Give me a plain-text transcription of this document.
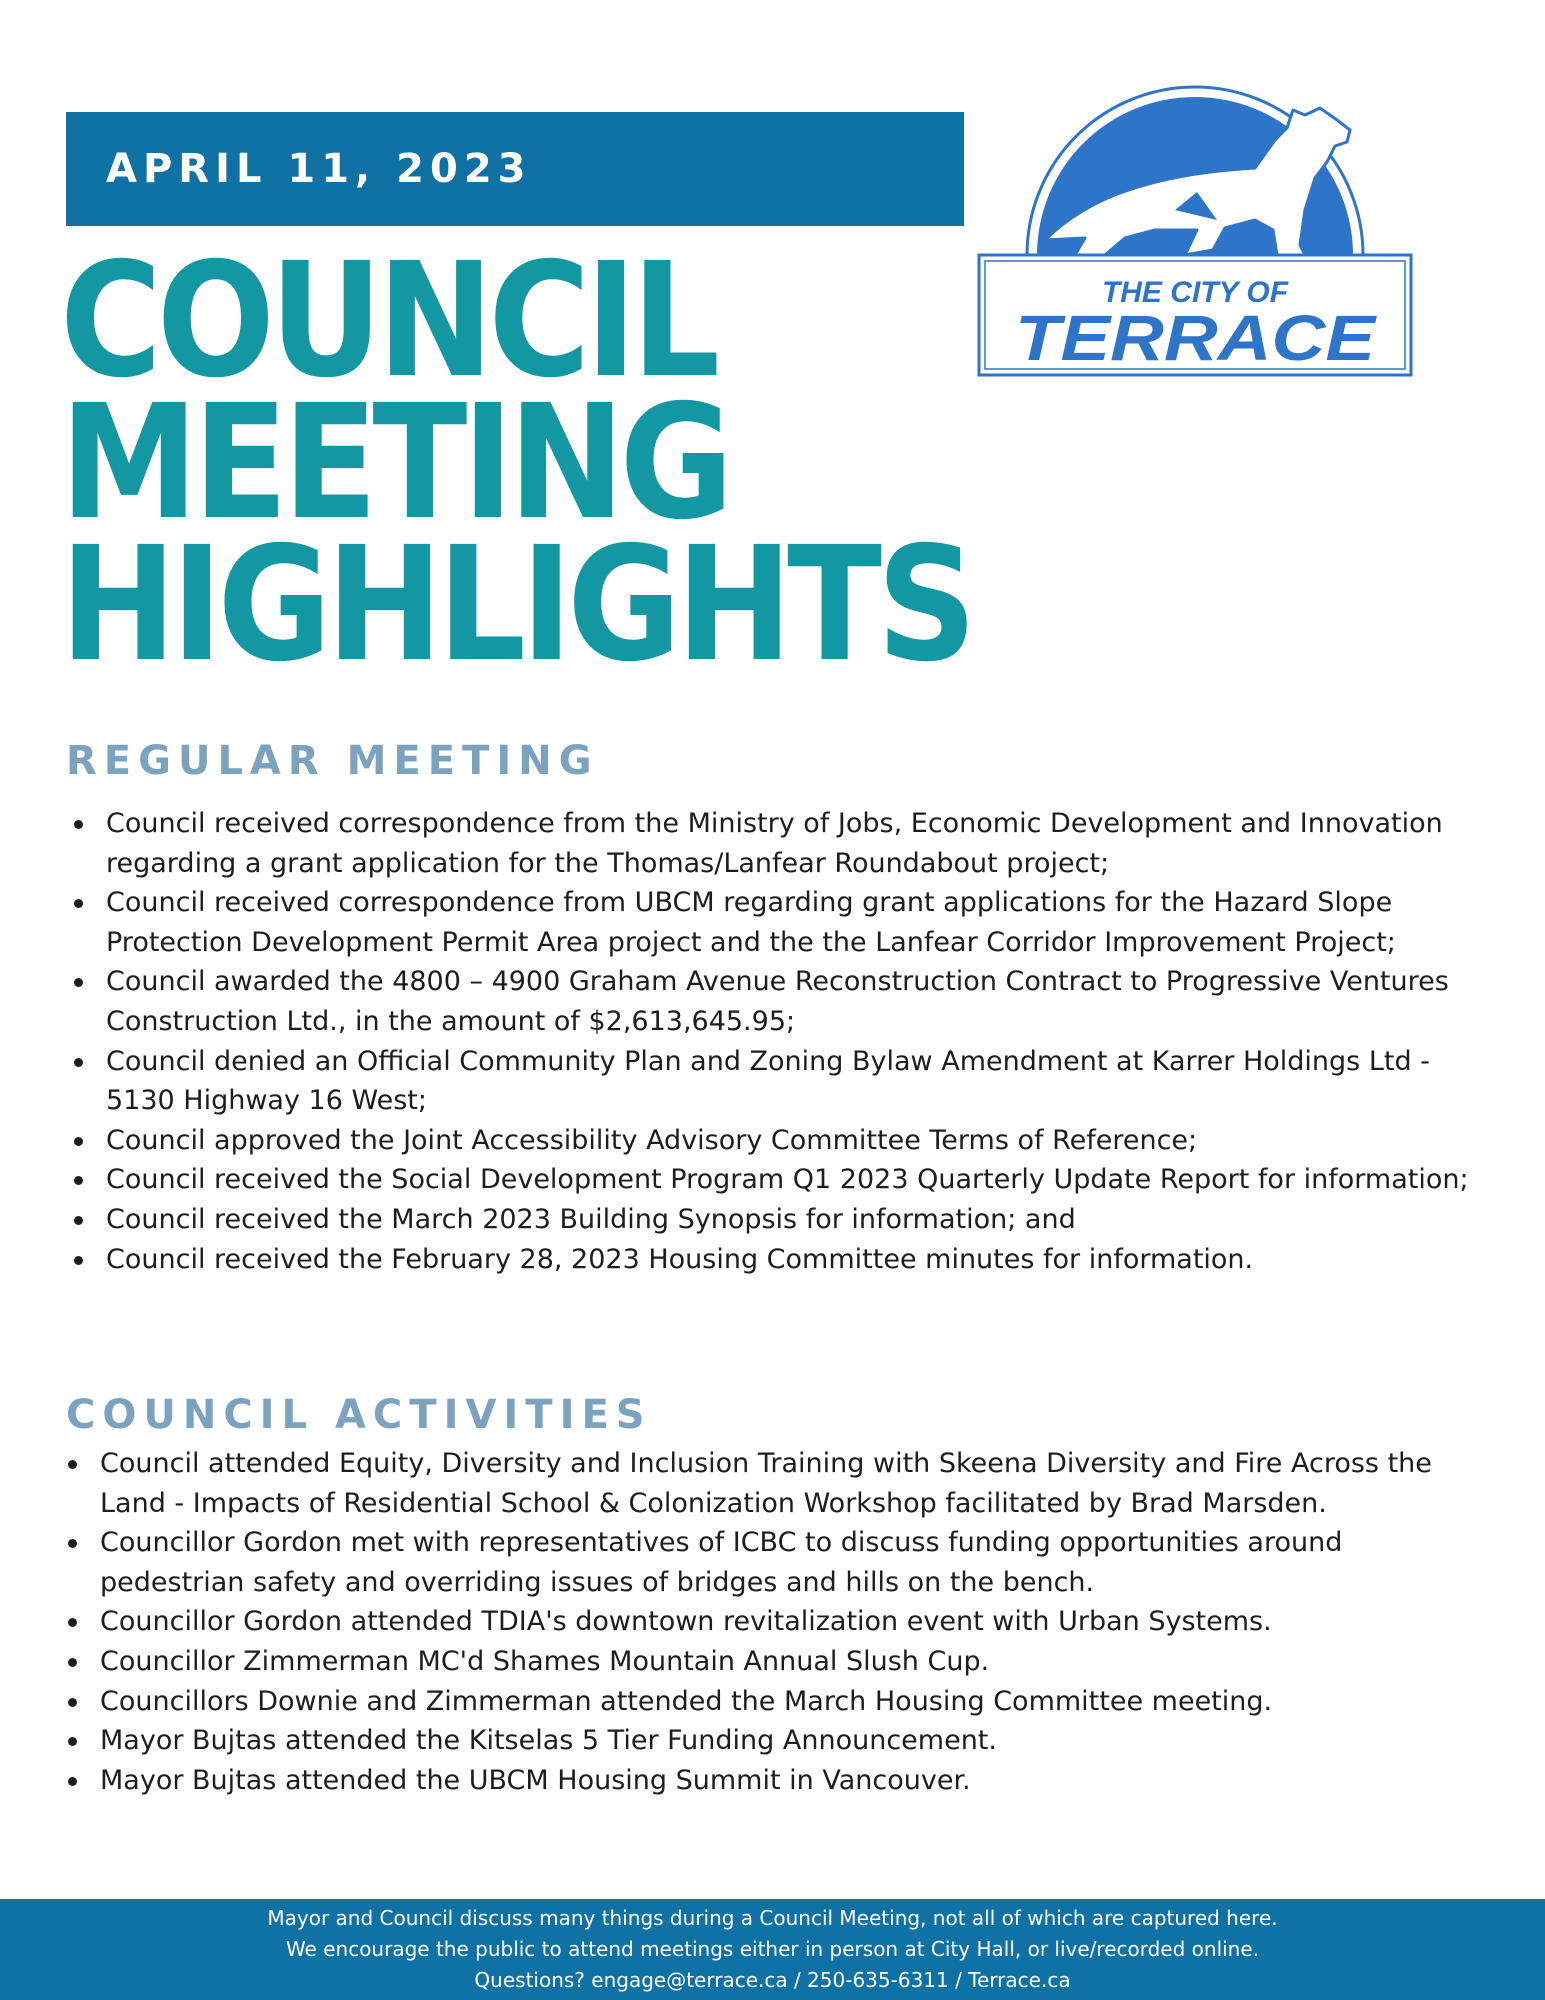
APRIL 11, 2023
COUNCIL
MEETING
HIGHLIGHTS
THE CITY OF
TERRACE
REGULAR MEETING
Council received correspondence from the Ministry of Jobs, Economic Development and Innovation regarding a grant application for the Thomas/Lanfear Roundabout project;
Council received correspondence from UBCM regarding grant applications for the Hazard Slope Protection Development Permit Area project and the the Lanfear Corridor Improvement Project;
Council awarded the 4800 – 4900 Graham Avenue Reconstruction Contract to Progressive Ventures Construction Ltd., in the amount of $2,613,645.95;
Council denied an Official Community Plan and Zoning Bylaw Amendment at Karrer Holdings Ltd - 5130 Highway 16 West;
Council approved the Joint Accessibility Advisory Committee Terms of Reference;
Council received the Social Development Program Q1 2023 Quarterly Update Report for information;
Council received the March 2023 Building Synopsis for information; and
Council received the February 28, 2023 Housing Committee minutes for information.
COUNCIL ACTIVITIES
Council attended Equity, Diversity and Inclusion Training with Skeena Diversity and Fire Across the Land - Impacts of Residential School & Colonization Workshop facilitated by Brad Marsden.
Councillor Gordon met with representatives of ICBC to discuss funding opportunities around pedestrian safety and overriding issues of bridges and hills on the bench.
Councillor Gordon attended TDIA's downtown revitalization event with Urban Systems.
Councillor Zimmerman MC'd Shames Mountain Annual Slush Cup.
Councillors Downie and Zimmerman attended the March Housing Committee meeting.
Mayor Bujtas attended the Kitselas 5 Tier Funding Announcement.
Mayor Bujtas attended the UBCM Housing Summit in Vancouver.
Mayor and Council discuss many things during a Council Meeting, not all of which are captured here.
We encourage the public to attend meetings either in person at City Hall, or live/recorded online.
Questions? engage@terrace.ca / 250-635-6311 / Terrace.ca
